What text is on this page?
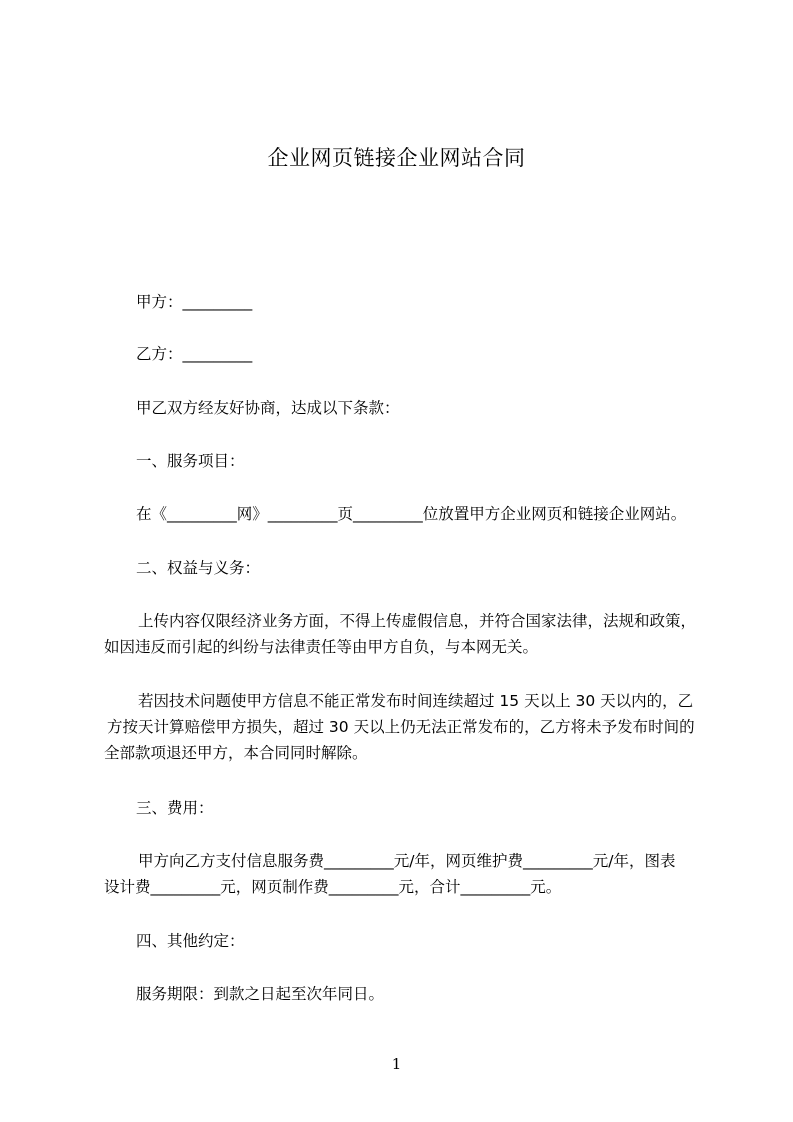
企业网页链接企业网站合同
甲方：_________
乙方：_________
甲乙双方经友好协商，达成以下条款：
一、服务项目：
在《_________网》_________页_________位放置甲方企业网页和链接企业网站。
二、权益与义务：
上传内容仅限经济业务方面，不得上传虚假信息，并符合国家法律，法规和政策，
如因违反而引起的纠纷与法律责任等由甲方自负，与本网无关。
若因技术问题使甲方信息不能正常发布时间连续超过 15 天以上 30 天以内的，乙
方按天计算赔偿甲方损失，超过 30 天以上仍无法正常发布的，乙方将未予发布时间的
全部款项退还甲方，本合同同时解除。
三、费用：
甲方向乙方支付信息服务费_________元/年，网页维护费_________元/年，图表
设计费_________元，网页制作费_________元，合计_________元。
四、其他约定：
服务期限：到款之日起至次年同日。
1
